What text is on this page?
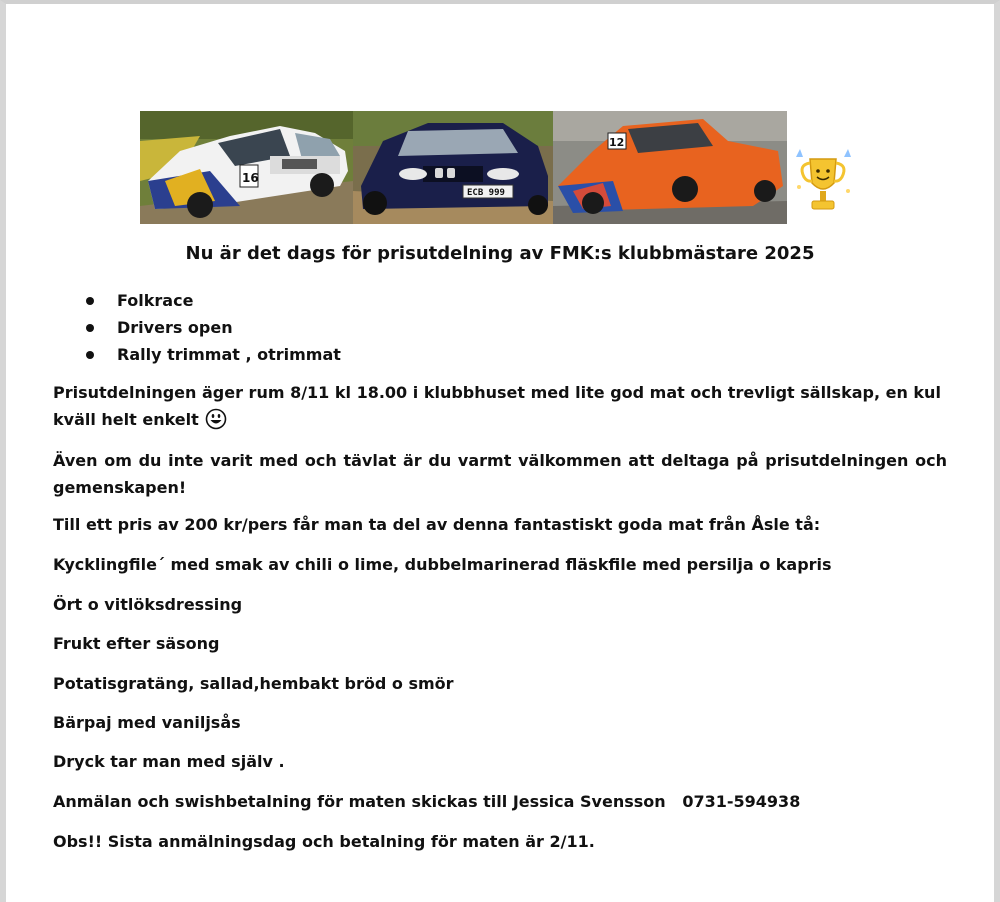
16
ECB 999
12
Nu är det dags för prisutdelning av FMK:s klubbmästare 2025
Folkrace
Drivers open
Rally trimmat , otrimmat

Prisutdelningen äger rum 8/11 kl 18.00 i klubbhuset med lite god mat och trevligt sällskap, en kul kväll helt enkelt

Även om du inte varit med och tävlat är du varmt välkommen att deltaga på prisutdelningen och gemenskapen!

Till ett pris av 200 kr/pers får man ta del av denna fantastiskt goda mat från Åsle tå:
Kycklingfile´ med smak av chili o lime, dubbelmarinerad fläskfile med persilja o kapris
Ört o vitlöksdressing
Frukt efter säsong
Potatisgratäng, sallad,hembakt bröd o smör
Bärpaj med vaniljsås
Dryck tar man med själv .
Anmälan och swishbetalning för maten skickas till Jessica Svensson   0731-594938
Obs!! Sista anmälningsdag och betalning för maten är 2/11.
